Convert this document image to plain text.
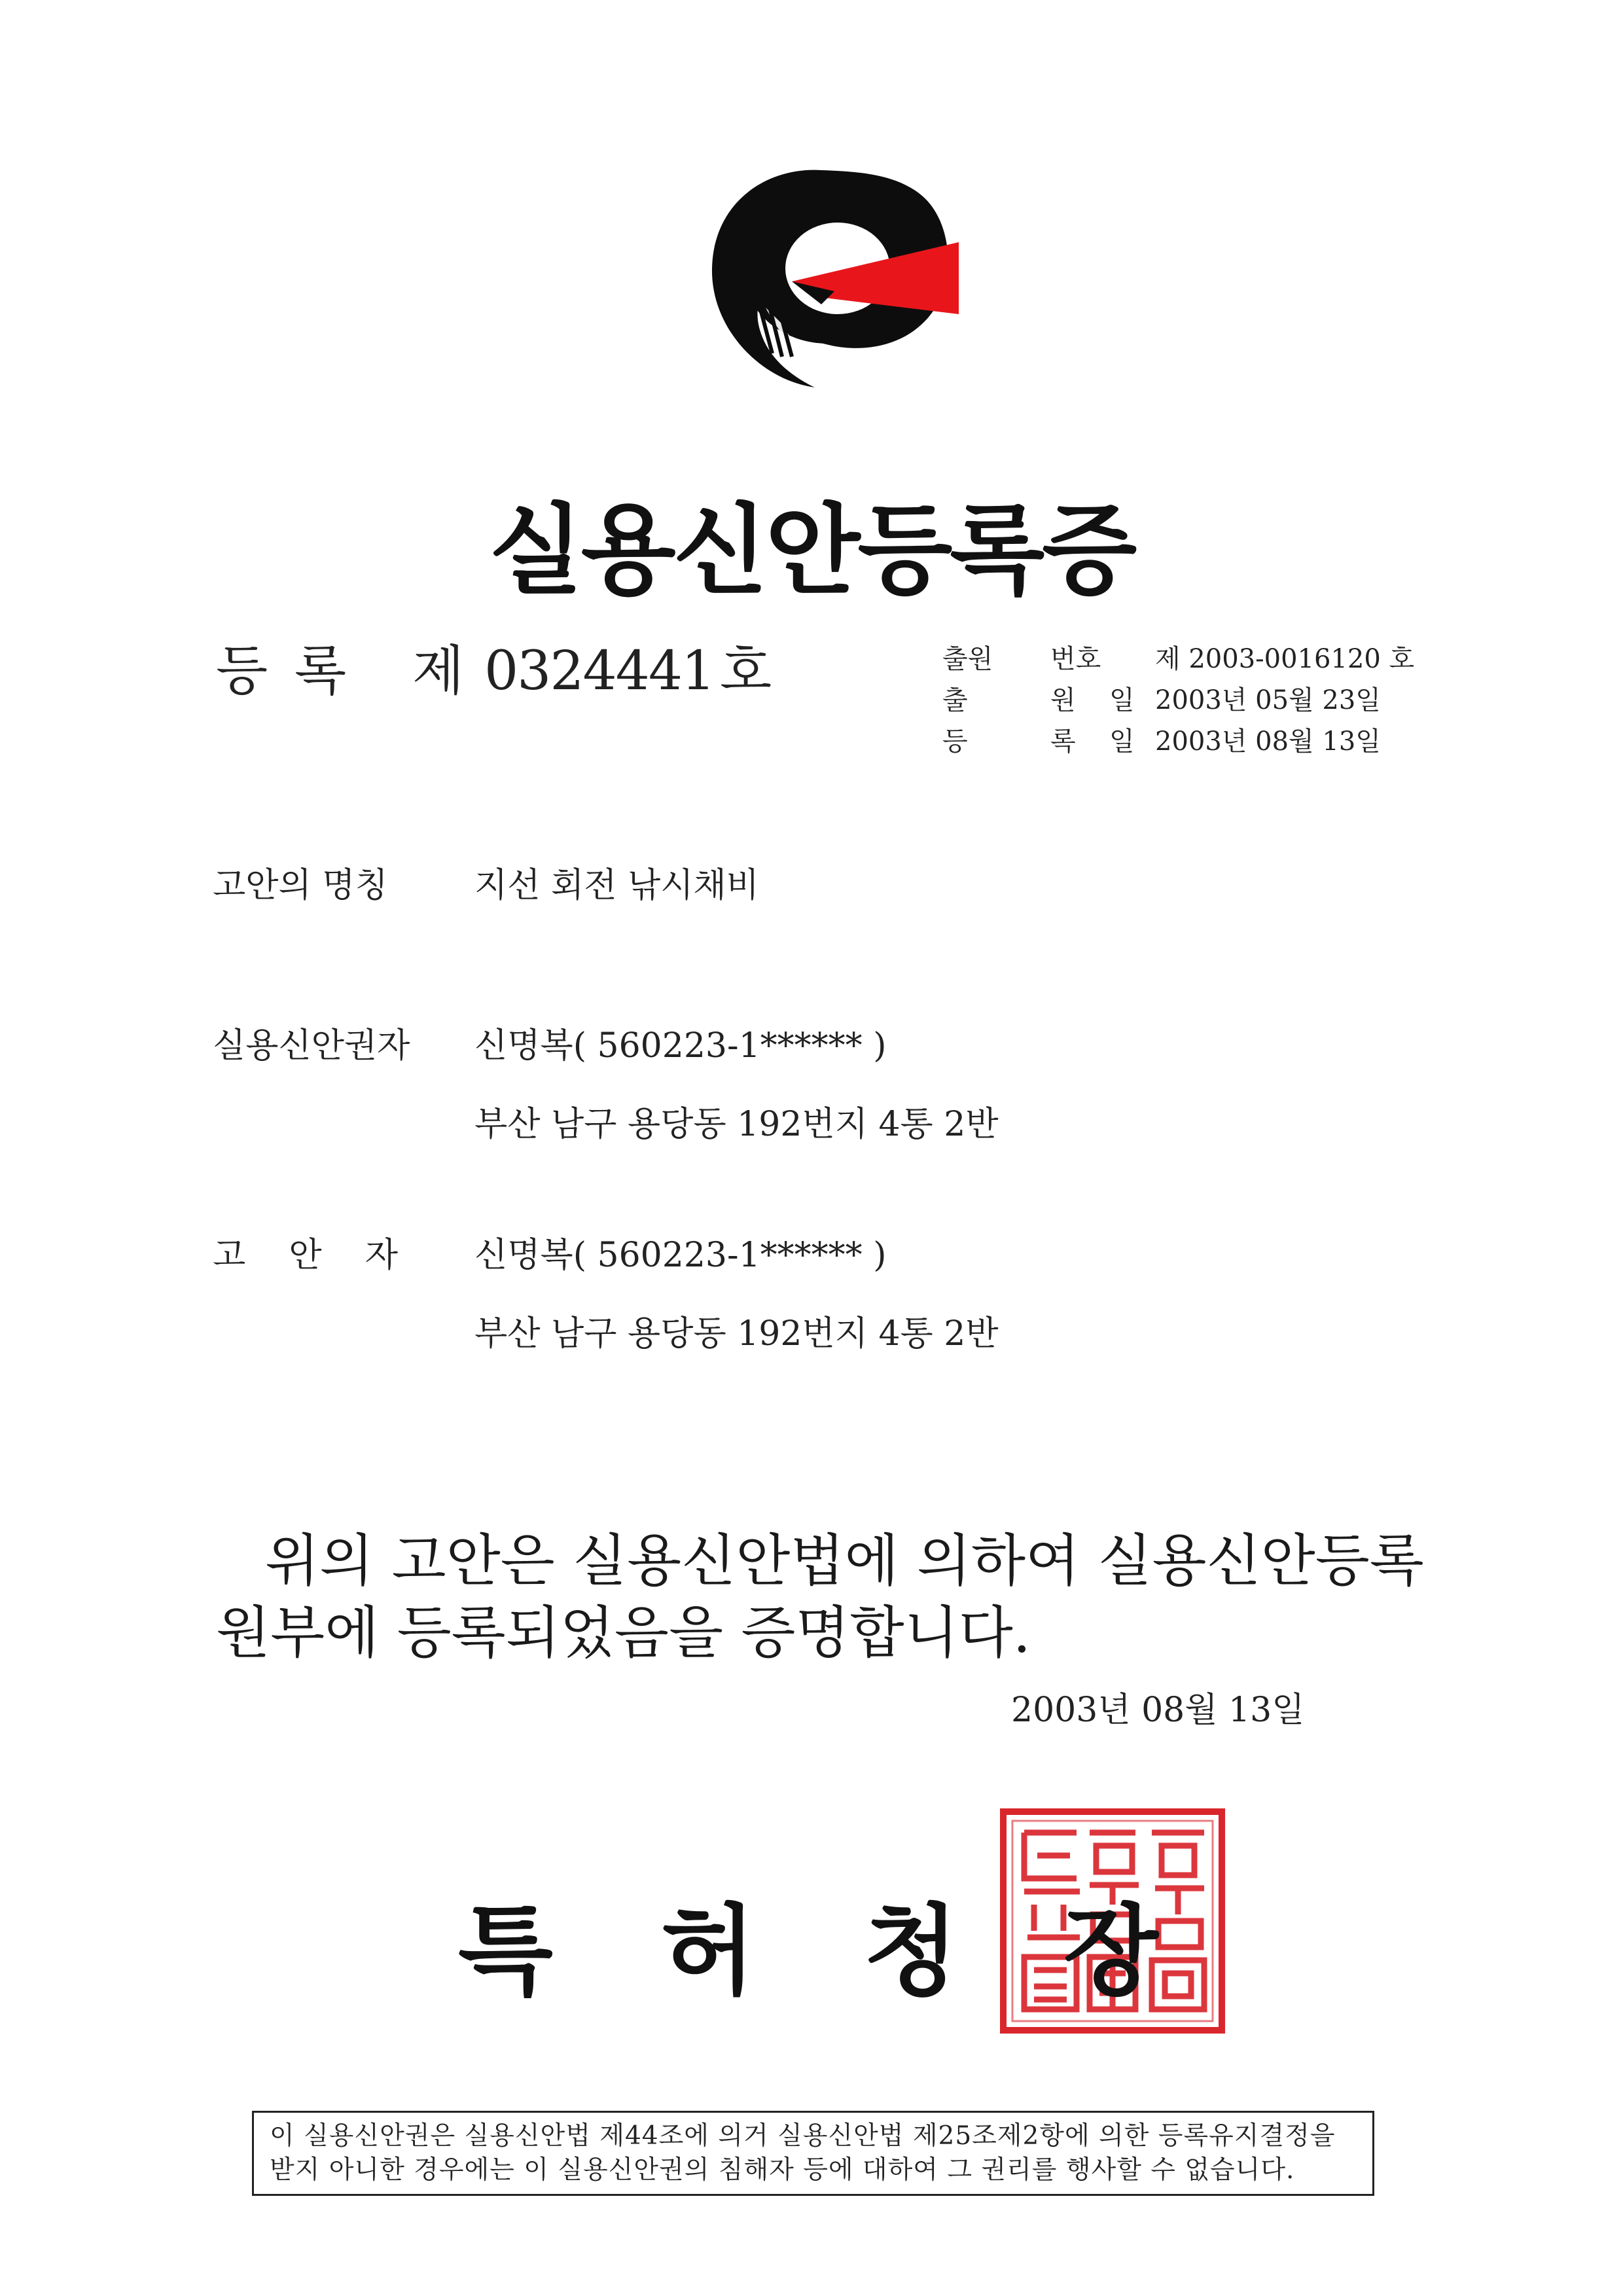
실용신안등록증
등 록 제 0324441 호	출원 번호 제 2003-0016120 호
출	원 일 2003년 05월 23일
등	록 일 2003년 08월 13일
고안의 명칭	지선 회전 낚시채비
실용신안권자 신명복( 560223-1****** )
부산 남구 용당동 192번지 4통 2반
고    안    자 신명복( 560223-1****** )
부산 남구 용당동 192번지 4통 2반
위의 고안은 실용신안법에 의하여 실용신안등록
원부에 등록되었음을 증명합니다.
2003년 08월 13일
특 허 청	장
이 실용신안권은 실용신안법 제44조에 의거 실용신안법 제25조제2항에 의한 등록유지결정을
받지 아니한 경우에는 이 실용신안권의 침해자 등에 대하여 그 권리를 행사할 수 없습니다.
